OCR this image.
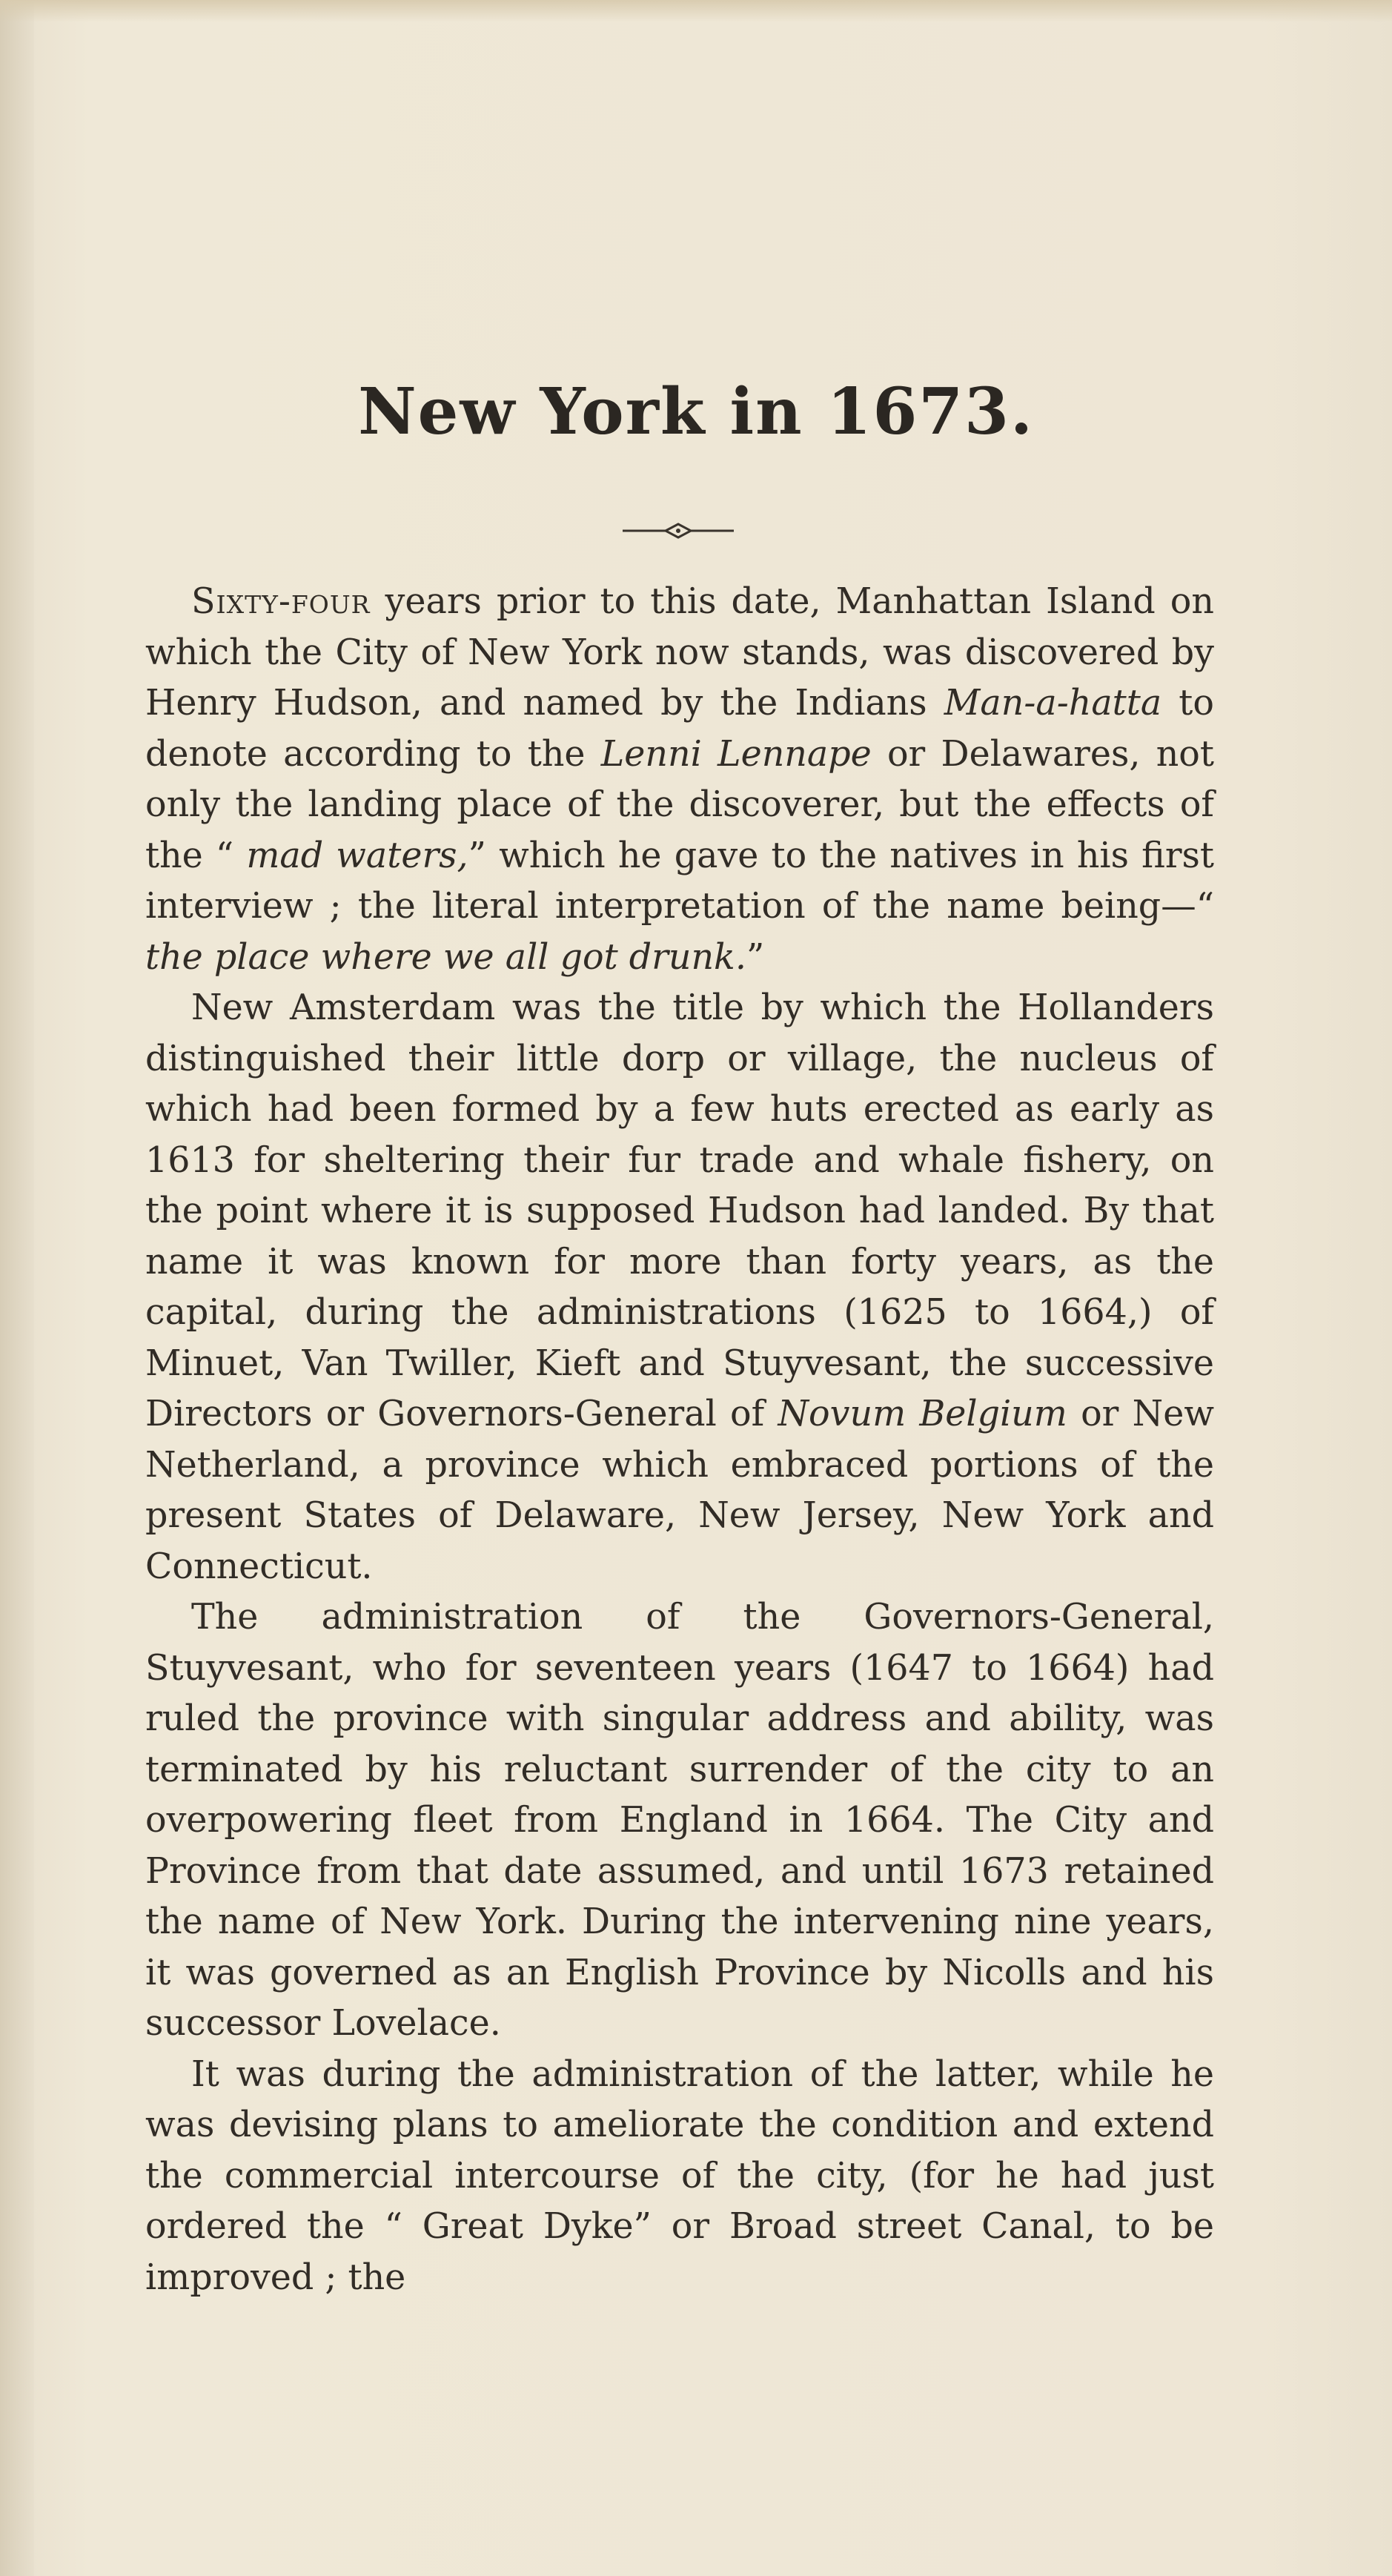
New York in 1673.

Sixty-four years prior to this date, Manhattan Island on which the City of New York now stands, was discovered by Henry Hudson, and named by the Indians Man-a-hatta to denote according to the Lenni Lennape or Delawares, not only the landing place of the discoverer, but the effects of the “ mad waters,” which he gave to the natives in his first interview ; the literal interpretation of the name being—“ the place where we all got drunk.”

New Amsterdam was the title by which the Hollanders distinguished their little dorp or village, the nucleus of which had been formed by a few huts erected as early as 1613 for sheltering their fur trade and whale fishery, on the point where it is supposed Hudson had landed. By that name it was known for more than forty years, as the capital, during the administrations (1625 to 1664,) of Minuet, Van Twiller, Kieft and Stuyvesant, the successive Directors or Governors-General of Novum Belgium or New Netherland, a province which embraced portions of the present States of Delaware, New Jersey, New York and Connecticut.

The administration of the Governors-General, Stuyvesant, who for seventeen years (1647 to 1664) had ruled the province with singular address and ability, was terminated by his reluctant surrender of the city to an overpowering fleet from England in 1664. The City and Province from that date assumed, and until 1673 retained the name of New York. During the intervening nine years, it was governed as an English Province by Nicolls and his successor Lovelace.

It was during the administration of the latter, while he was devising plans to ameliorate the condition and extend the commercial intercourse of the city, (for he had just ordered the “ Great Dyke” or Broad street Canal, to be improved ; the
